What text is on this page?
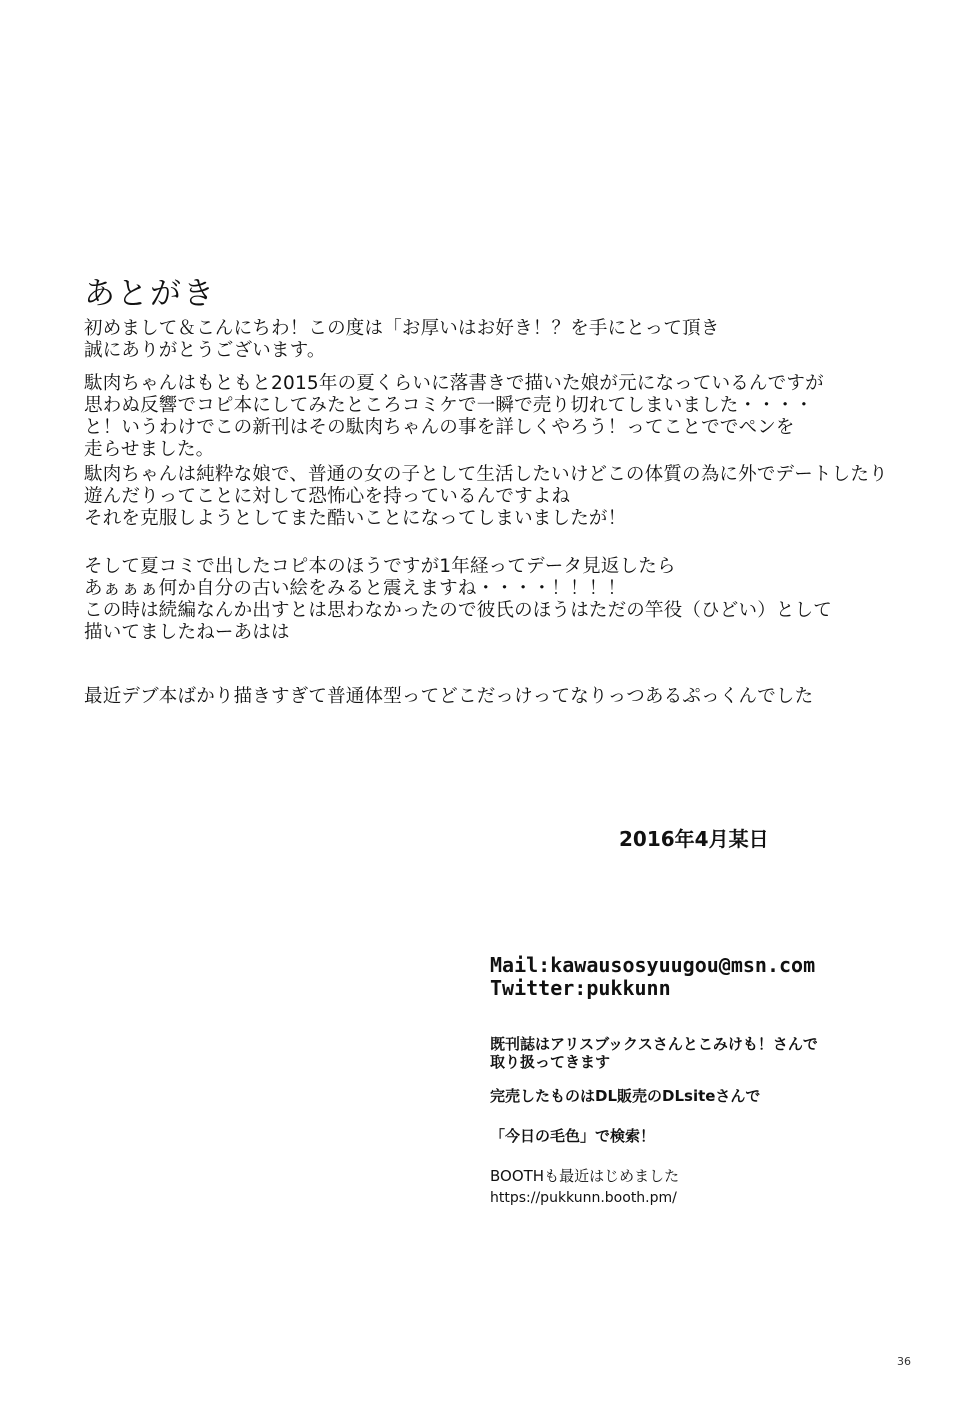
あとがき
初めまして＆こんにちわ！この度は「お厚いはお好き！？を手にとって頂き
誠にありがとうございます。
駄肉ちゃんはもともと2015年の夏くらいに落書きで描いた娘が元になっているんですが
思わぬ反響でコピ本にしてみたところコミケで一瞬で売り切れてしまいました・・・・
と！いうわけでこの新刊はその駄肉ちゃんの事を詳しくやろう！ってことででペンを
走らせました。
駄肉ちゃんは純粋な娘で、普通の女の子として生活したいけどこの体質の為に外でデートしたり
遊んだりってことに対して恐怖心を持っているんですよね
それを克服しようとしてまた酷いことになってしまいましたが！
そして夏コミで出したコピ本のほうですが1年経ってデータ見返したら
あぁぁぁ何か自分の古い絵をみると震えますね・・・・！！！！
この時は続編なんか出すとは思わなかったので彼氏のほうはただの竿役（ひどい）として
描いてましたねーあはは
最近デブ本ばかり描きすぎて普通体型ってどこだっけってなりっつあるぷっくんでした
2016年4月某日
Mail:kawausosyuugou@msn.com
Twitter:pukkunn
既刊誌はアリスブックスさんとこみけも！さんで
取り扱ってきます
完売したものはDL販売のDLsiteさんで
「今日の毛色」で検索！
BOOTHも最近はじめました
https://pukkunn.booth.pm/
36
